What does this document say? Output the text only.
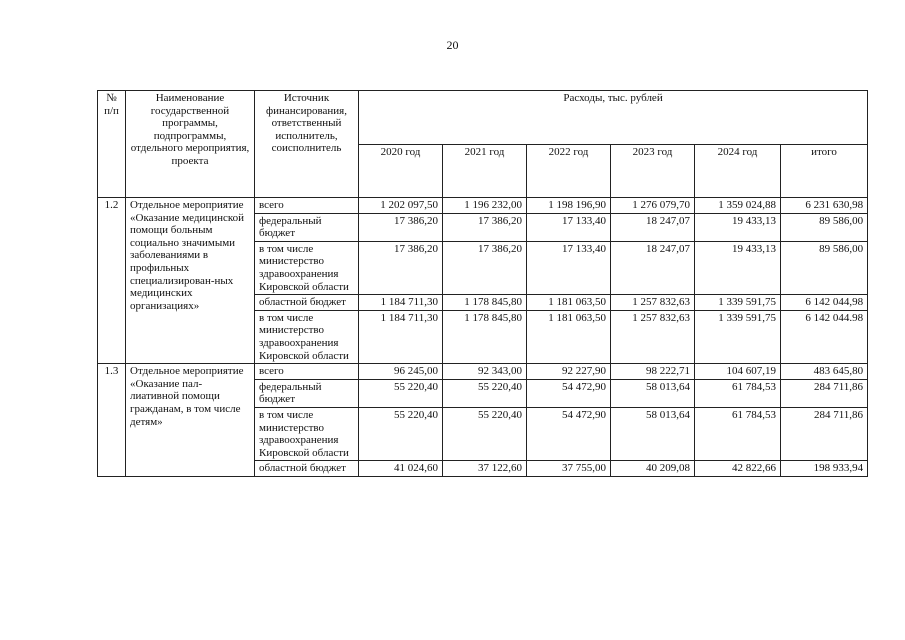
20
№ п/п	Наименование государственной программы, подпрограммы, отдельного мероприятия, проекта	Источник финансирования, ответственный исполнитель, соисполнитель	Расходы, тыс. рублей					
			2020 год	2021 год	2022 год	2023 год	2024 год	итого
1.2	Отдельное мероприятие «Оказание медицинской помощи больным социально значимыми заболеваниями в профильных специализирован-ных медицинских организациях»	всего	1 202 097,50	1 196 232,00	1 198 196,90	1 276 079,70	1 359 024,88	6 231 630,98
		федеральный бюджет	17 386,20	17 386,20	17 133,40	18 247,07	19 433,13	89 586,00
		в том числе министерство здравоохранения Кировской области	17 386,20	17 386,20	17 133,40	18 247,07	19 433,13	89 586,00
		областной бюджет	1 184 711,30	1 178 845,80	1 181 063,50	1 257 832,63	1 339 591,75	6 142 044,98
		в том числе министерство здравоохранения Кировской области	1 184 711,30	1 178 845,80	1 181 063,50	1 257 832,63	1 339 591,75	6 142 044.98
1.3	Отдельное мероприятие «Оказание пал-лиативной помощи гражданам, в том числе детям»	всего	96 245,00	92 343,00	92 227,90	98 222,71	104 607,19	483 645,80
		федеральный бюджет	55 220,40	55 220,40	54 472,90	58 013,64	61 784,53	284 711,86
		в том числе министерство здравоохранения Кировской области	55 220,40	55 220,40	54 472,90	58 013,64	61 784,53	284 711,86
		областной бюджет	41 024,60	37 122,60	37 755,00	40 209,08	42 822,66	198 933,94
